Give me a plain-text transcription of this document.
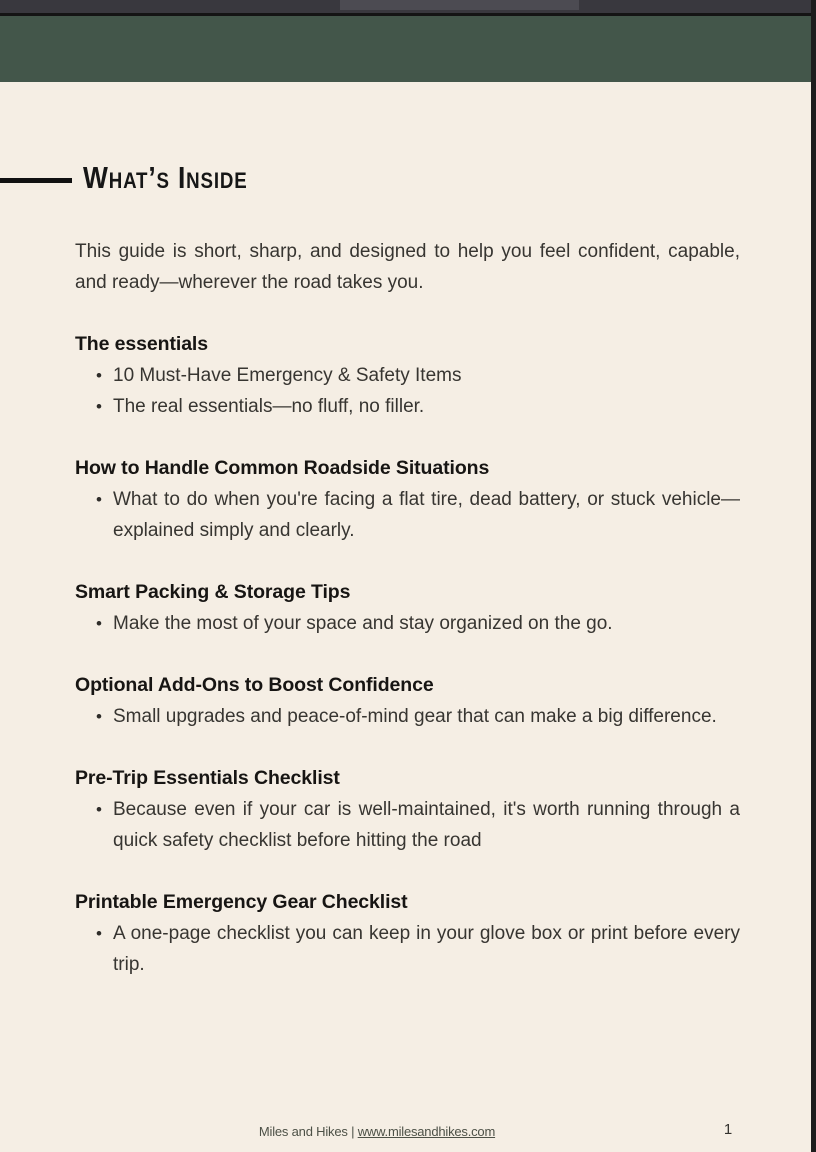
What’s Inside

This guide is short, sharp, and designed to help you feel confident, capable, and ready—wherever the road takes you.

The essentials
• 10 Must-Have Emergency & Safety Items
• The real essentials—no fluff, no filler.
How to Handle Common Roadside Situations
• What to do when you're facing a flat tire, dead battery, or stuck vehicle—explained simply and clearly.
Smart Packing & Storage Tips
• Make the most of your space and stay organized on the go.
Optional Add-Ons to Boost Confidence
• Small upgrades and peace-of-mind gear that can make a big difference.
Pre-Trip Essentials Checklist
• Because even if your car is well-maintained, it's worth running through a quick safety checklist before hitting the road
Printable Emergency Gear Checklist
• A one-page checklist you can keep in your glove box or print before every trip.
Miles and Hikes | www.milesandhikes.com	1
